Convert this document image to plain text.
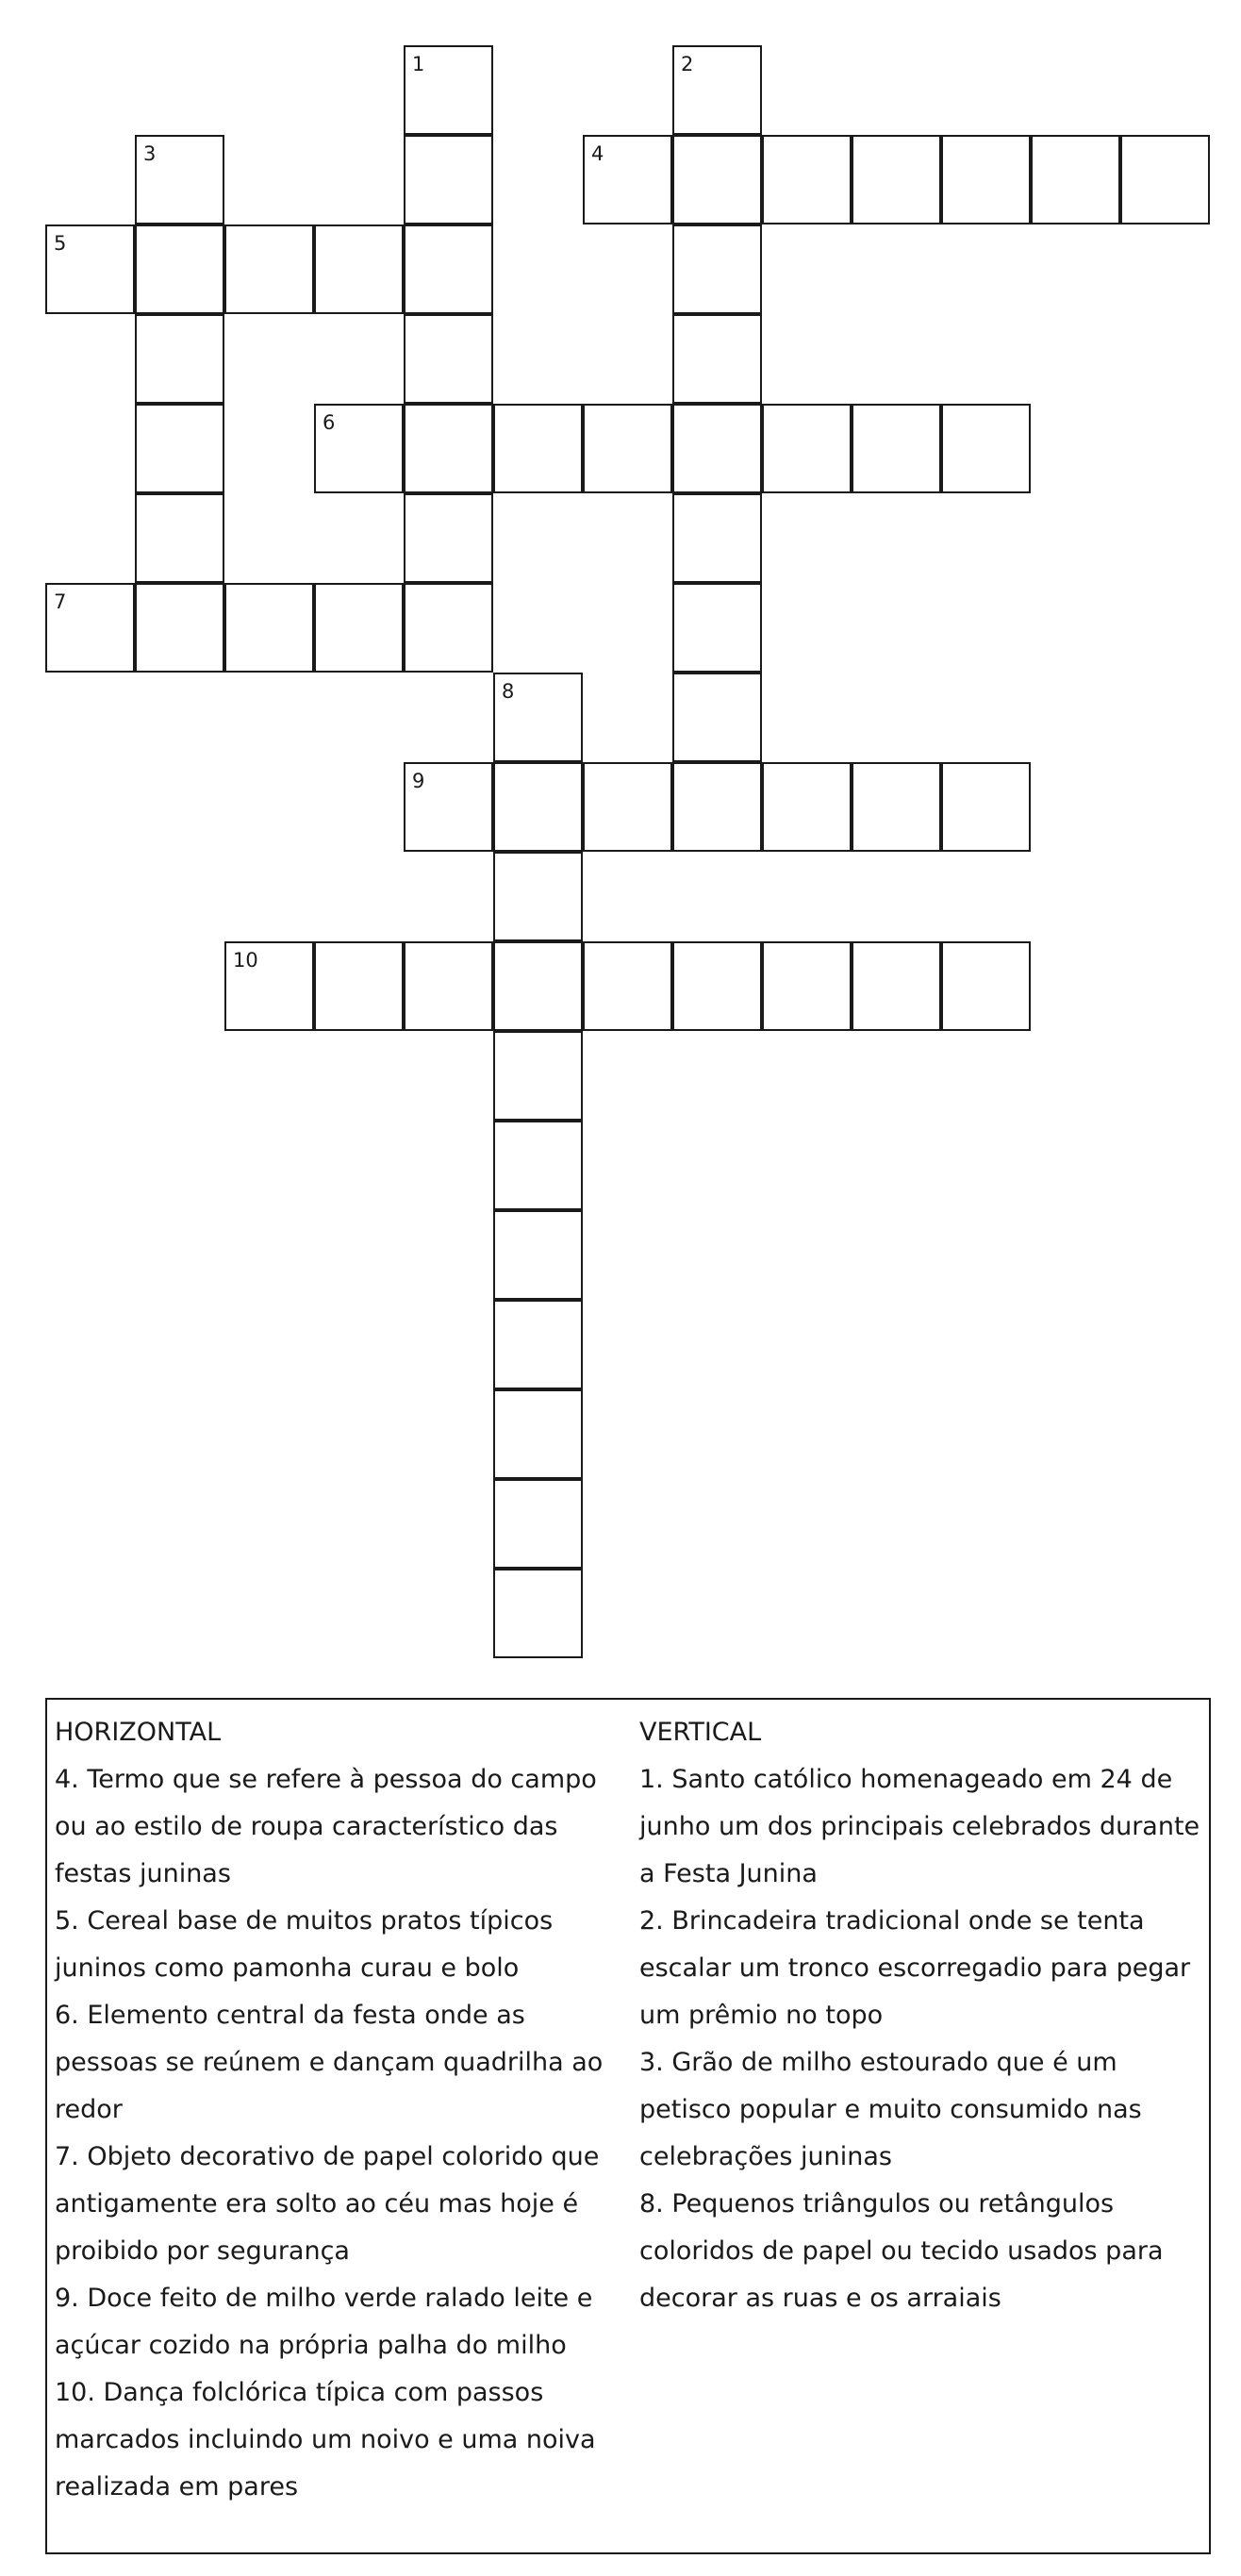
1	2
3	4
5
6
7
8
9
10

HORIZONTAL

4. Termo que se refere à pessoa do campo

ou ao estilo de roupa característico das

festas juninas

5. Cereal base de muitos pratos típicos

juninos como pamonha curau e bolo

6. Elemento central da festa onde as

pessoas se reúnem e dançam quadrilha ao

redor

7. Objeto decorativo de papel colorido que

antigamente era solto ao céu mas hoje é

proibido por segurança

9. Doce feito de milho verde ralado leite e

açúcar cozido na própria palha do milho

10. Dança folclórica típica com passos

marcados incluindo um noivo e uma noiva

realizada em pares

VERTICAL

1. Santo católico homenageado em 24 de

junho um dos principais celebrados durante

a Festa Junina

2. Brincadeira tradicional onde se tenta

escalar um tronco escorregadio para pegar

um prêmio no topo

3. Grão de milho estourado que é um

petisco popular e muito consumido nas

celebrações juninas

8. Pequenos triângulos ou retângulos

coloridos de papel ou tecido usados para

decorar as ruas e os arraiais
